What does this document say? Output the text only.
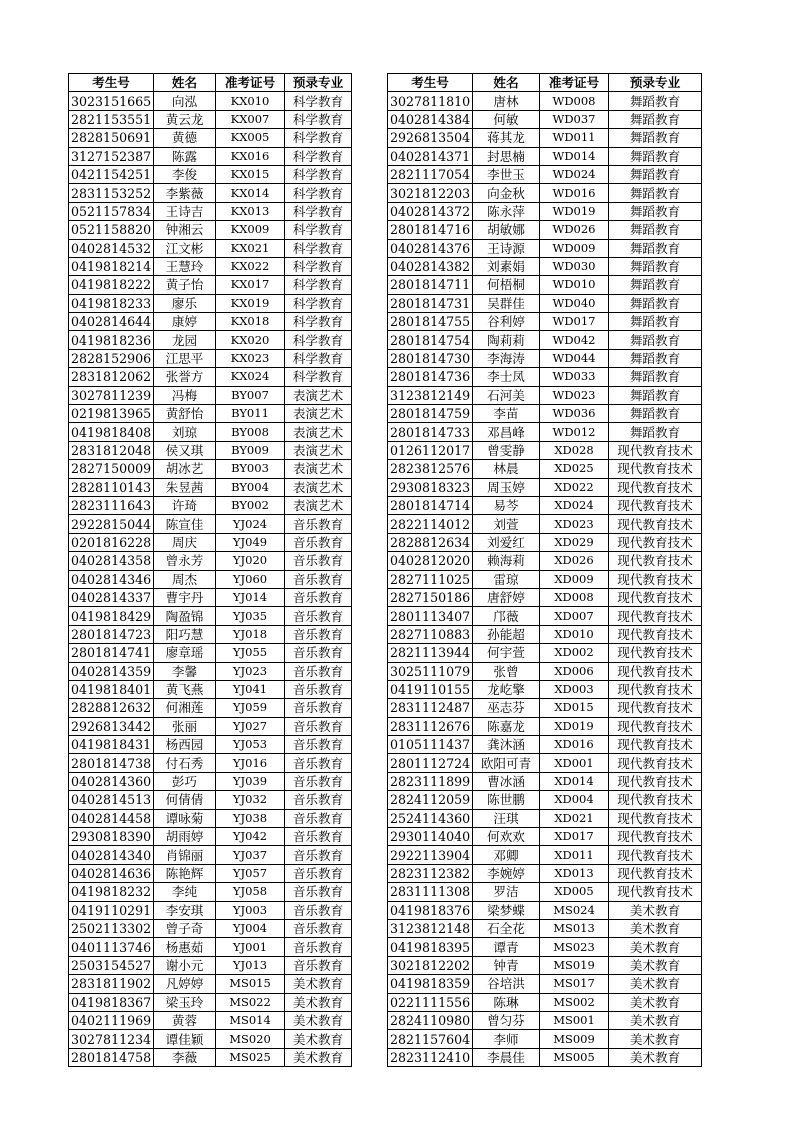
考生号	姓名	准考证号	预录专业
3023151665	向泓	KX010	科学教育
2821153551	黄云龙	KX007	科学教育
2828150691	黄德	KX005	科学教育
3127152387	陈露	KX016	科学教育
0421154251	李俊	KX015	科学教育
2831153252	李紫薇	KX014	科学教育
0521157834	王诗吉	KX013	科学教育
0521158820	钟湘云	KX009	科学教育
0402814532	江文彬	KX021	科学教育
0419818214	王慧玲	KX022	科学教育
0419818222	黄子怡	KX017	科学教育
0419818233	廖乐	KX019	科学教育
0402814644	康婷	KX018	科学教育
0419818236	龙园	KX020	科学教育
2828152906	江思平	KX023	科学教育
2831812062	张誉方	KX024	科学教育
3027811239	冯梅	BY007	表演艺术
0219813965	黄舒怡	BY011	表演艺术
0419818408	刘琼	BY008	表演艺术
2831812048	侯又琪	BY009	表演艺术
2827150009	胡冰艺	BY003	表演艺术
2828110143	朱昱茜	BY004	表演艺术
2823111643	许琦	BY002	表演艺术
2922815044	陈宣佳	YJ024	音乐教育
0201816228	周庆	YJ049	音乐教育
0402814358	曾永芳	YJ020	音乐教育
0402814346	周杰	YJ060	音乐教育
0402814337	曹宇丹	YJ014	音乐教育
0419818429	陶盈锦	YJ035	音乐教育
2801814723	阳巧慧	YJ018	音乐教育
2801814741	廖章瑶	YJ055	音乐教育
0402814359	李馨	YJ023	音乐教育
0419818401	黄飞燕	YJ041	音乐教育
2828812632	何湘莲	YJ059	音乐教育
2926813442	张丽	YJ027	音乐教育
0419818431	杨西园	YJ053	音乐教育
2801814738	付石秀	YJ016	音乐教育
0402814360	彭巧	YJ039	音乐教育
0402814513	何倩倩	YJ032	音乐教育
0402814458	谭咏菊	YJ038	音乐教育
2930818390	胡雨婷	YJ042	音乐教育
0402814340	肖锦丽	YJ037	音乐教育
0402814636	陈艳辉	YJ057	音乐教育
0419818232	李纯	YJ058	音乐教育
0419110291	李安琪	YJ003	音乐教育
2502113302	曾子奇	YJ004	音乐教育
0401113746	杨惠茹	YJ001	音乐教育
2503154527	谢小元	YJ013	音乐教育
2831811902	凡婷婷	MS015	美术教育
0419818367	梁玉玲	MS022	美术教育
0402111969	黄蓉	MS014	美术教育
3027811234	谭佳颖	MS020	美术教育
2801814758	李薇	MS025	美术教育
考生号	姓名	准考证号	预录专业
3027811810	唐林	WD008	舞蹈教育
0402814384	何敏	WD037	舞蹈教育
2926813504	蒋其龙	WD011	舞蹈教育
0402814371	封思楠	WD014	舞蹈教育
2821117054	李世玉	WD024	舞蹈教育
3021812203	向金秋	WD016	舞蹈教育
0402814372	陈永萍	WD019	舞蹈教育
2801814716	胡敏娜	WD026	舞蹈教育
0402814376	王诗源	WD009	舞蹈教育
0402814382	刘素娟	WD030	舞蹈教育
2801814711	何梧桐	WD010	舞蹈教育
2801814731	吴群佳	WD040	舞蹈教育
2801814755	谷利婷	WD017	舞蹈教育
2801814754	陶莉莉	WD042	舞蹈教育
2801814730	李海涛	WD044	舞蹈教育
2801814736	李士凤	WD033	舞蹈教育
3123812149	石河美	WD023	舞蹈教育
2801814759	李苗	WD036	舞蹈教育
2801814733	邓昌峰	WD012	舞蹈教育
0126112017	曾雯静	XD028	现代教育技术
2823812576	林晨	XD025	现代教育技术
2930818323	周玉婷	XD022	现代教育技术
2801814714	易芩	XD024	现代教育技术
2822114012	刘萱	XD023	现代教育技术
2828812634	刘爱红	XD029	现代教育技术
0402812020	赖海莉	XD026	现代教育技术
2827111025	雷琼	XD009	现代教育技术
2827150186	唐舒婷	XD008	现代教育技术
2801113407	邝薇	XD007	现代教育技术
2827110883	孙能超	XD010	现代教育技术
2821113944	何宇萱	XD002	现代教育技术
3025111079	张曾	XD006	现代教育技术
0419110155	龙屹擎	XD003	现代教育技术
2831112487	巫志芬	XD015	现代教育技术
2831112676	陈嘉龙	XD019	现代教育技术
0105111437	龚沐涵	XD016	现代教育技术
2801112724	欧阳可青	XD001	现代教育技术
2823111899	曹冰涵	XD014	现代教育技术
2824112059	陈世鹏	XD004	现代教育技术
2524114360	汪琪	XD021	现代教育技术
2930114040	何欢欢	XD017	现代教育技术
2922113904	邓卿	XD011	现代教育技术
2823112382	李婉婷	XD013	现代教育技术
2831111308	罗洁	XD005	现代教育技术
0419818376	梁梦蝶	MS024	美术教育
3123812148	石全花	MS013	美术教育
0419818395	谭青	MS023	美术教育
3021812202	钟青	MS019	美术教育
0419818359	谷培洪	MS017	美术教育
0221111556	陈琳	MS002	美术教育
2824110980	曾匀芬	MS001	美术教育
2821157604	李师	MS009	美术教育
2823112410	李晨佳	MS005	美术教育
